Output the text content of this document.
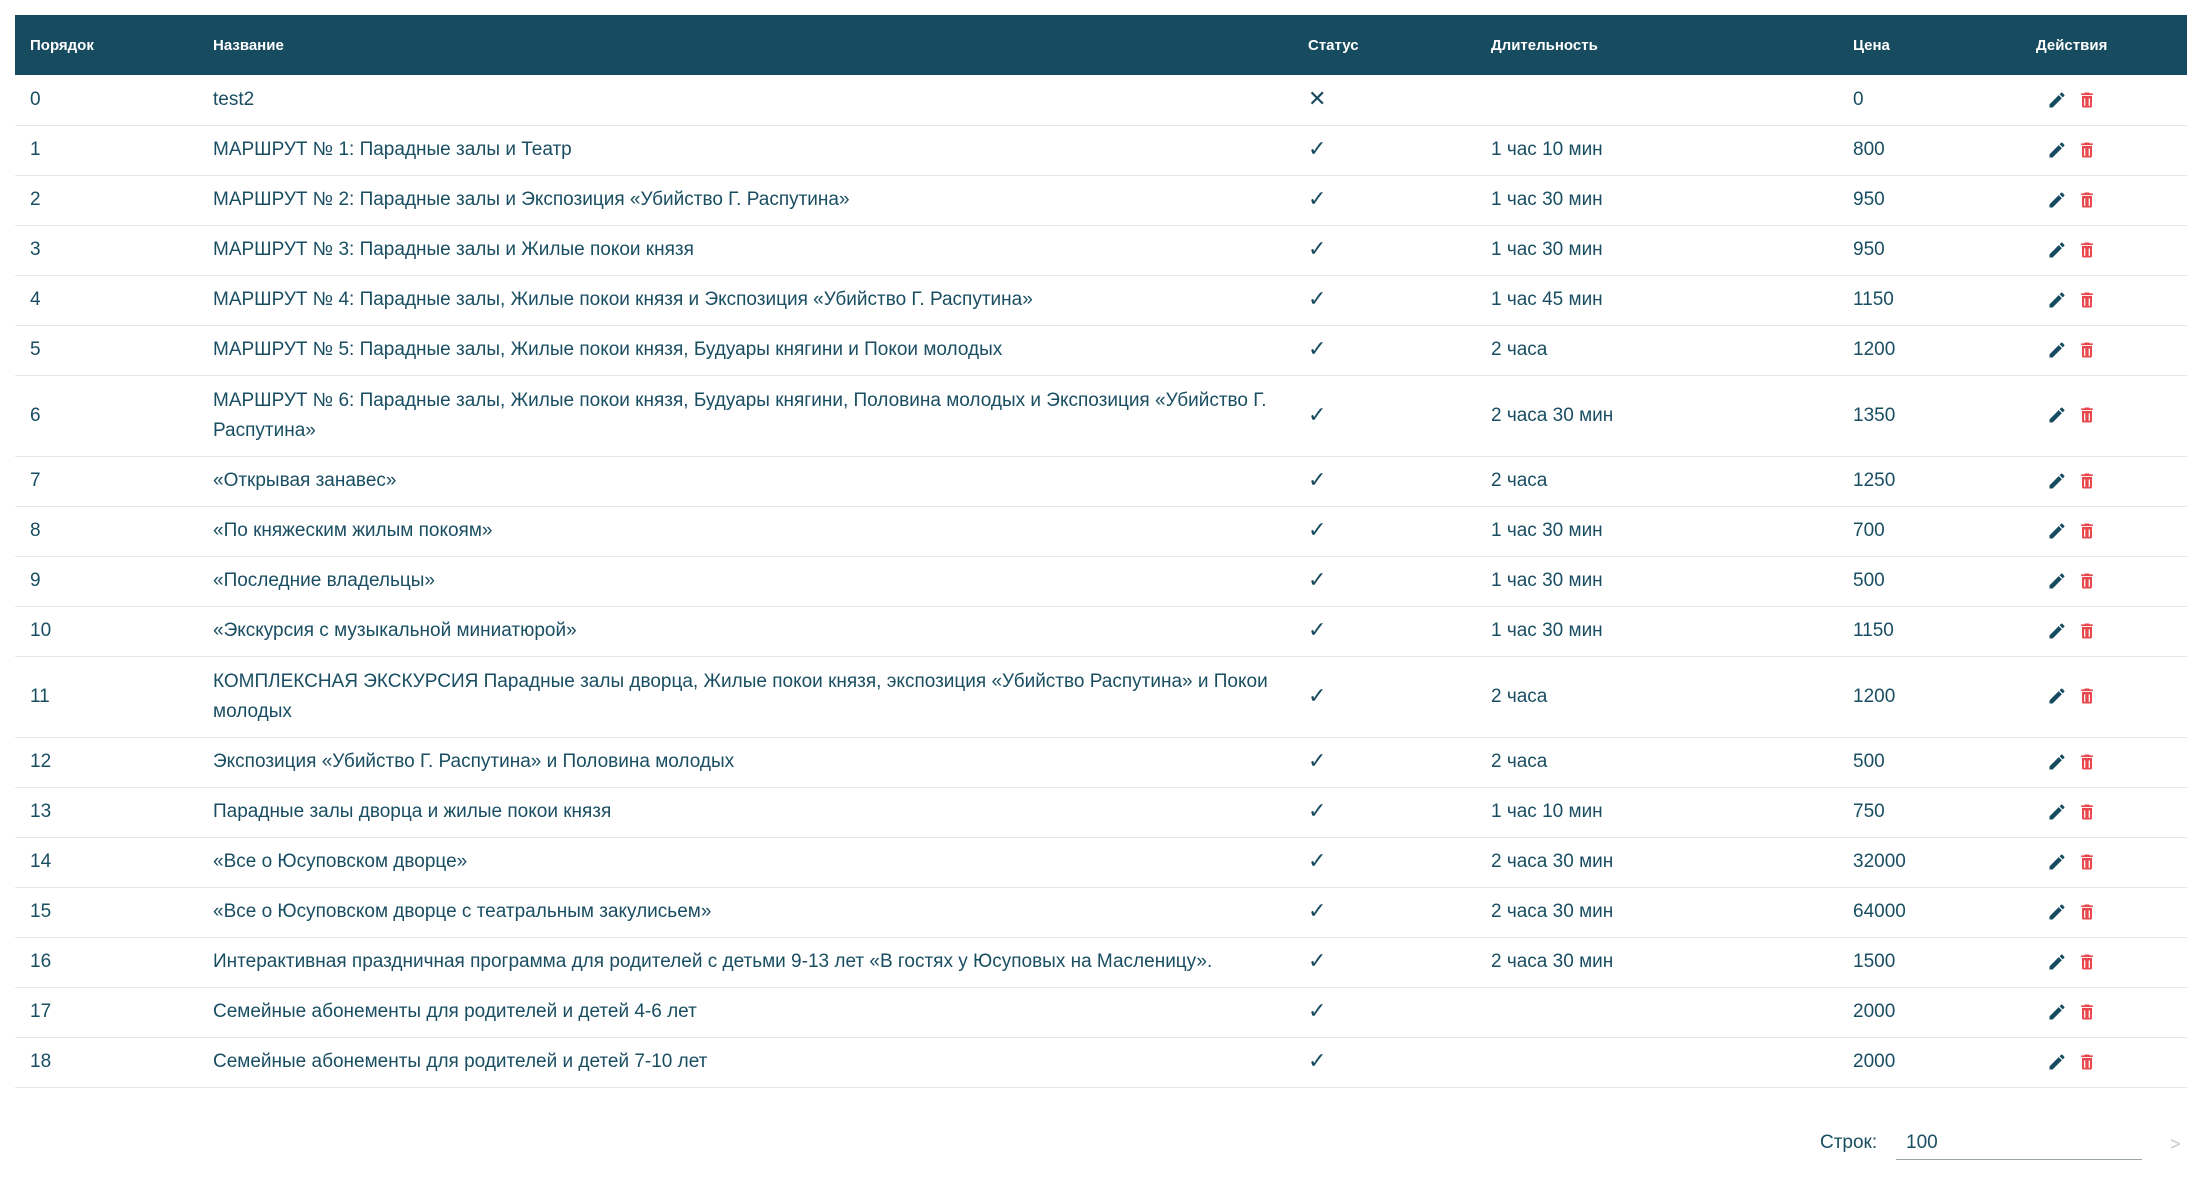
Порядок	Название	Статус	Длительность	Цена	Действия
0	test2	✕		0	

1	МАРШРУТ № 1: Парадные залы и Театр	✓	1 час 10 мин	800	

2	МАРШРУТ № 2: Парадные залы и Экспозиция «Убийство Г. Распутина»	✓	1 час 30 мин	950	

3	МАРШРУТ № 3: Парадные залы и Жилые покои князя	✓	1 час 30 мин	950	

4	МАРШРУТ № 4: Парадные залы, Жилые покои князя и Экспозиция «Убийство Г. Распутина»	✓	1 час 45 мин	1150	

5	МАРШРУТ № 5: Парадные залы, Жилые покои князя, Будуары княгини и Покои молодых	✓	2 часа	1200	

6	МАРШРУТ № 6: Парадные залы, Жилые покои князя, Будуары княгини, Половина молодых и Экспозиция «Убийство Г. Распутина»	✓	2 часа 30 мин	1350	

7	«Открывая занавес»	✓	2 часа	1250	

8	«По княжеским жилым покоям»	✓	1 час 30 мин	700	

9	«Последние владельцы»	✓	1 час 30 мин	500	

10	«Экскурсия с музыкальной миниатюрой»	✓	1 час 30 мин	1150	

11	КОМПЛЕКСНАЯ ЭКСКУРСИЯ Парадные залы дворца, Жилые покои князя, экспозиция «Убийство Распутина» и Покои молодых	✓	2 часа	1200	

12	Экспозиция «Убийство Г. Распутина» и Половина молодых	✓	2 часа	500	

13	Парадные залы дворца и жилые покои князя	✓	1 час 10 мин	750	

14	«Все о Юсуповском дворце»	✓	2 часа 30 мин	32000	

15	«Все о Юсуповском дворце с театральным закулисьем»	✓	2 часа 30 мин	64000	

16	Интерактивная праздничная программа для родителей с детьми 9-13 лет «В гостях у Юсуповых на Масленицу».	✓	2 часа 30 мин	1500	

17	Семейные абонементы для родителей и детей 4-6 лет	✓		2000	

18	Семейные абонементы для родителей и детей 7-10 лет	✓		2000	
Строк:
100	>
